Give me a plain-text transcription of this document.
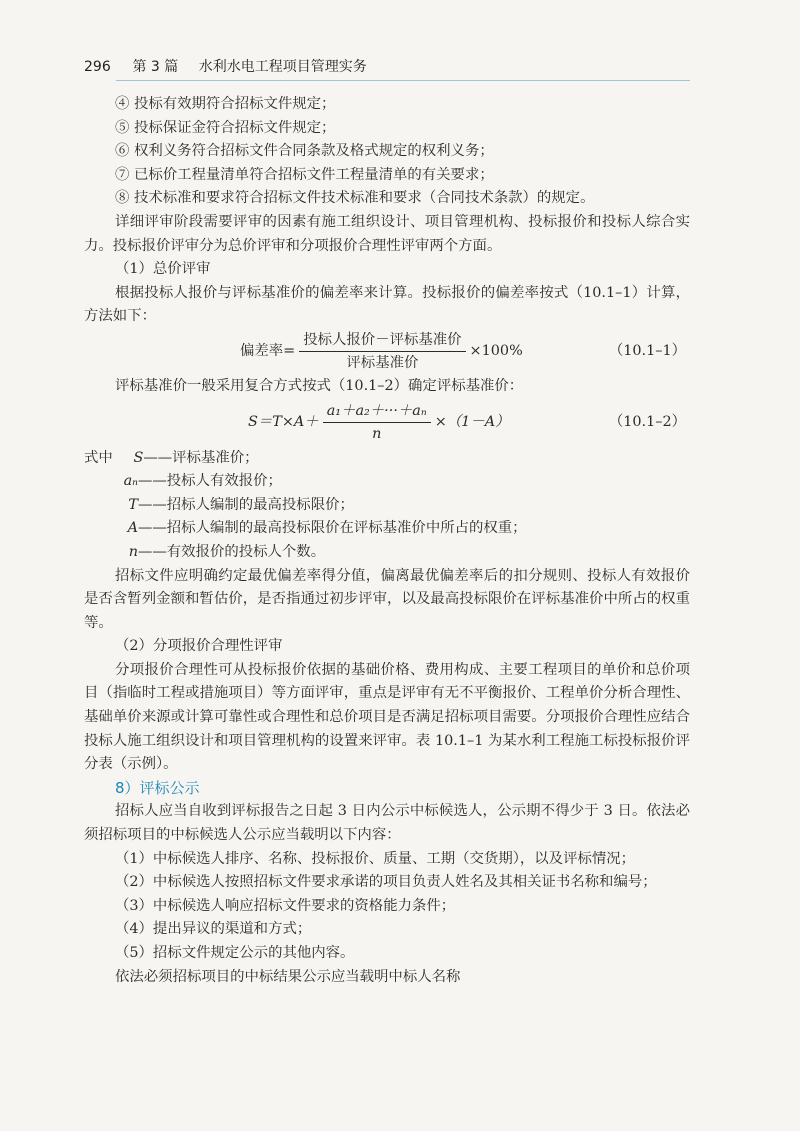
296 第 3 篇 水利水电工程项目管理实务

④ 投标有效期符合招标文件规定；

⑤ 投标保证金符合招标文件规定；

⑥ 权利义务符合招标文件合同条款及格式规定的权利义务；

⑦ 已标价工程量清单符合招标文件工程量清单的有关要求；

⑧ 技术标准和要求符合招标文件技术标准和要求（合同技术条款）的规定。

详细评审阶段需要评审的因素有施工组织设计、项目管理机构、投标报价和投标人综合实力。投标报价评审分为总价评审和分项报价合理性评审两个方面。

（1）总价评审

根据投标人报价与评标基准价的偏差率来计算。投标报价的偏差率按式（10.1–1）计算，方法如下：

偏差率= $\frac{\text{投标人报价－评标基准价}}{\text{评标基准价}} \times 100\%$	（10.1–1）

评标基准价一般采用复合方式按式（10.1–2）确定评标基准价：

$S=T\times A+ \frac{\text{a₁＋a₂＋···＋aₙ}}{n} \times(1-A)$	（10.1–2）

式中 S——评标基准价；

aₙ——投标人有效报价；

T——招标人编制的最高投标限价；

A——招标人编制的最高投标限价在评标基准价中所占的权重；

n——有效报价的投标人个数。

招标文件应明确约定最优偏差率得分值，偏离最优偏差率后的扣分规则、投标人有效报价是否含暂列金额和暂估价，是否指通过初步评审，以及最高投标限价在评标基准价中所占的权重等。

（2）分项报价合理性评审

分项报价合理性可从投标报价依据的基础价格、费用构成、主要工程项目的单价和总价项目（指临时工程或措施项目）等方面评审，重点是评审有无不平衡报价、工程单价分析合理性、基础单价来源或计算可靠性或合理性和总价项目是否满足招标项目需要。分项报价合理性应结合投标人施工组织设计和项目管理机构的设置来评审。表 10.1–1 为某水利工程施工标投标报价评分表（示例）。

8）评标公示

招标人应当自收到评标报告之日起 3 日内公示中标候选人，公示期不得少于 3 日。依法必须招标项目的中标候选人公示应当载明以下内容：

（1）中标候选人排序、名称、投标报价、质量、工期（交货期），以及评标情况；

（2）中标候选人按照招标文件要求承诺的项目负责人姓名及其相关证书名称和编号；

（3）中标候选人响应招标文件要求的资格能力条件；

（4）提出异议的渠道和方式；

（5）招标文件规定公示的其他内容。

依法必须招标项目的中标结果公示应当载明中标人名称
